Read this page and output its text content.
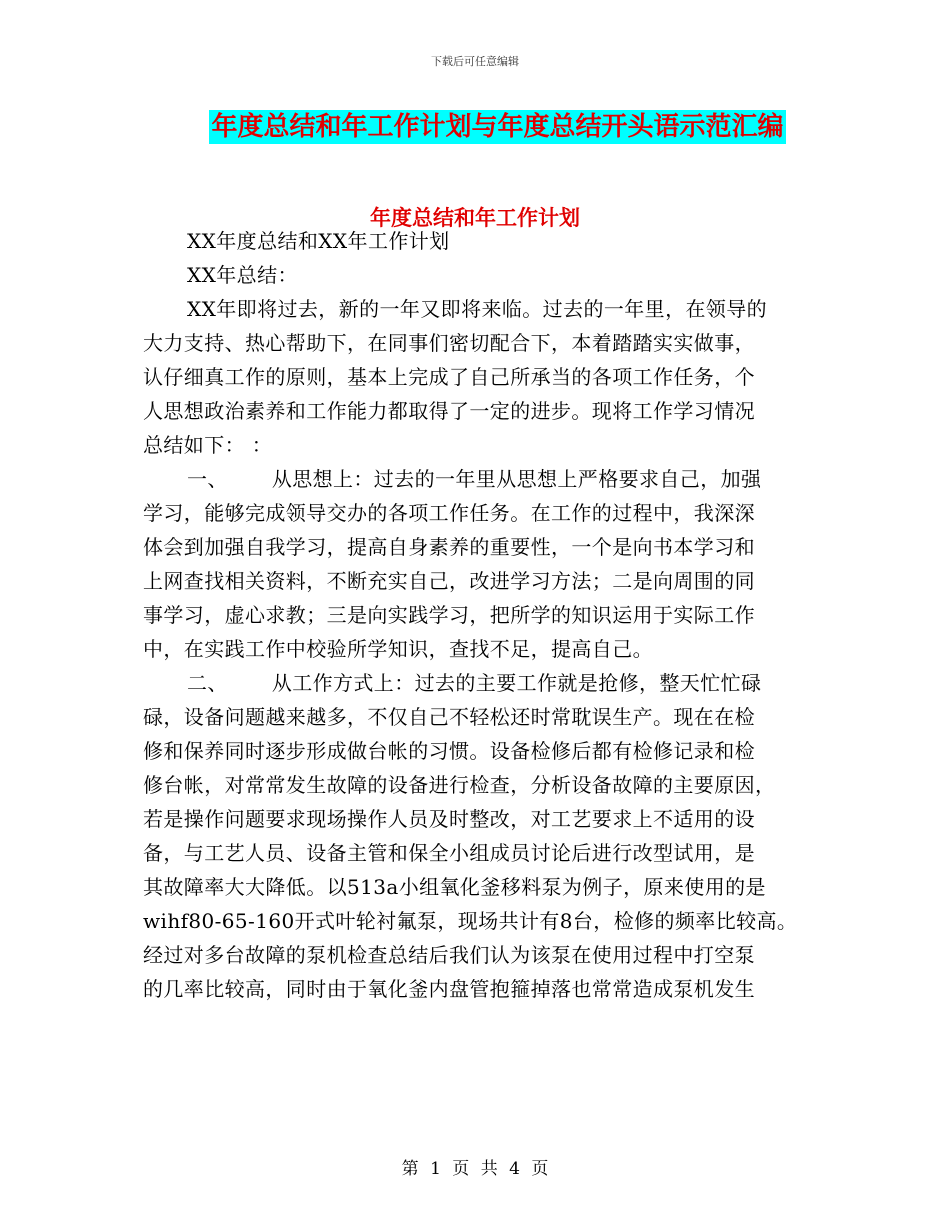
下载后可任意编辑
年度总结和年工作计划与年度总结开头语示范汇编
年度总结和年工作计划
XX年度总结和XX年工作计划
XX年总结：
XX年即将过去，新的一年又即将来临。过去的一年里，在领导的
大力支持、热心帮助下，在同事们密切配合下，本着踏踏实实做事，
认仔细真工作的原则，基本上完成了自己所承当的各项工作任务，个
人思想政治素养和工作能力都取得了一定的进步。现将工作学习情况
总结如下： ：
一、 从思想上：过去的一年里从思想上严格要求自己，加强
学习，能够完成领导交办的各项工作任务。在工作的过程中，我深深
体会到加强自我学习，提高自身素养的重要性，一个是向书本学习和
上网查找相关资料，不断充实自己，改进学习方法；二是向周围的同
事学习，虚心求教；三是向实践学习，把所学的知识运用于实际工作
中，在实践工作中校验所学知识，查找不足，提高自己。
二、 从工作方式上：过去的主要工作就是抢修，整天忙忙碌
碌，设备问题越来越多，不仅自己不轻松还时常耽误生产。现在在检
修和保养同时逐步形成做台帐的习惯。设备检修后都有检修记录和检
修台帐，对常常发生故障的设备进行检查，分析设备故障的主要原因，
若是操作问题要求现场操作人员及时整改，对工艺要求上不适用的设
备，与工艺人员、设备主管和保全小组成员讨论后进行改型试用，是
其故障率大大降低。以513a小组氧化釜移料泵为例子，原来使用的是
wihf80-65-160开式叶轮衬氟泵，现场共计有8台，检修的频率比较高。
经过对多台故障的泵机检查总结后我们认为该泵在使用过程中打空泵
的几率比较高，同时由于氧化釜内盘管抱箍掉落也常常造成泵机发生
第 1 页 共 4 页
